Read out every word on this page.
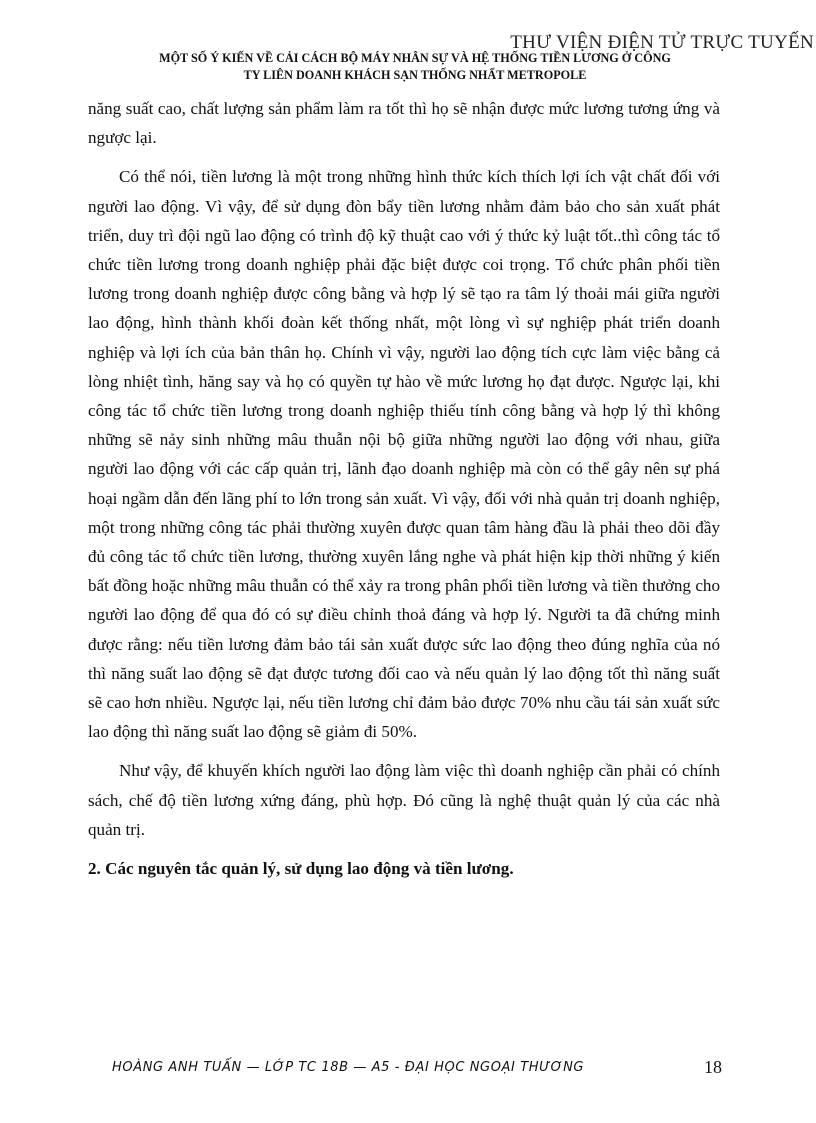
THƯ VIỆN ĐIỆN TỬ TRỰC TUYẾN
MỘT SỐ Ý KIẾN VỀ CẢI CÁCH BỘ MÁY NHÂN SỰ VÀ HỆ THỐNG TIỀN LƯƠNG Ở CÔNG
TY LIÊN DOANH KHÁCH SẠN THỐNG NHẤT METROPOLE

năng suất cao, chất lượng sản phẩm làm ra tốt thì họ sẽ nhận được mức lương tương ứng và ngược lại.

Có thể nói, tiền lương là một trong những hình thức kích thích lợi ích vật chất đối với người lao động. Vì vậy, để sử dụng đòn bẩy tiền lương nhằm đảm bảo cho sản xuất phát triển, duy trì đội ngũ lao động có trình độ kỹ thuật cao với ý thức kỷ luật tốt..thì công tác tổ chức tiền lương trong doanh nghiệp phải đặc biệt được coi trọng. Tổ chức phân phối tiền lương trong doanh nghiệp được công bằng và hợp lý sẽ tạo ra tâm lý thoải mái giữa người lao động, hình thành khối đoàn kết thống nhất, một lòng vì sự nghiệp phát triển doanh nghiệp và lợi ích của bản thân họ. Chính vì vậy, người lao động tích cực làm việc bằng cả lòng nhiệt tình, hăng say và họ có quyền tự hào về mức lương họ đạt được. Ngược lại, khi công tác tổ chức tiền lương trong doanh nghiệp thiếu tính công bằng và hợp lý thì không những sẽ nảy sinh những mâu thuẫn nội bộ giữa những người lao động với nhau, giữa người lao động với các cấp quản trị, lãnh đạo doanh nghiệp mà còn có thể gây nên sự phá hoại ngầm dẫn đến lãng phí to lớn trong sản xuất. Vì vậy, đối với nhà quản trị doanh nghiệp, một trong những công tác phải thường xuyên được quan tâm hàng đầu là phải theo dõi đầy đủ công tác tổ chức tiền lương, thường xuyên lắng nghe và phát hiện kịp thời những ý kiến bất đồng hoặc những mâu thuẫn có thể xảy ra trong phân phối tiền lương và tiền thưởng cho người lao động để qua đó có sự điều chỉnh thoả đáng và hợp lý. Người ta đã chứng minh được rằng: nếu tiền lương đảm bảo tái sản xuất được sức lao động theo đúng nghĩa của nó thì năng suất lao động sẽ đạt được tương đối cao và nếu quản lý lao động tốt thì năng suất sẽ cao hơn nhiều. Ngược lại, nếu tiền lương chỉ đảm bảo được 70% nhu cầu tái sản xuất sức lao động thì năng suất lao động sẽ giảm đi 50%.

Như vậy, để khuyến khích người lao động làm việc thì doanh nghiệp cần phải có chính sách, chế độ tiền lương xứng đáng, phù hợp. Đó cũng là nghệ thuật quản lý của các nhà quản trị.

2. Các nguyên tắc quản lý, sử dụng lao động và tiền lương.

HOÀNG ANH TUẤN — LỚP TC 18B — A5 - ĐẠI HỌC NGOẠI THƯƠNG	18
